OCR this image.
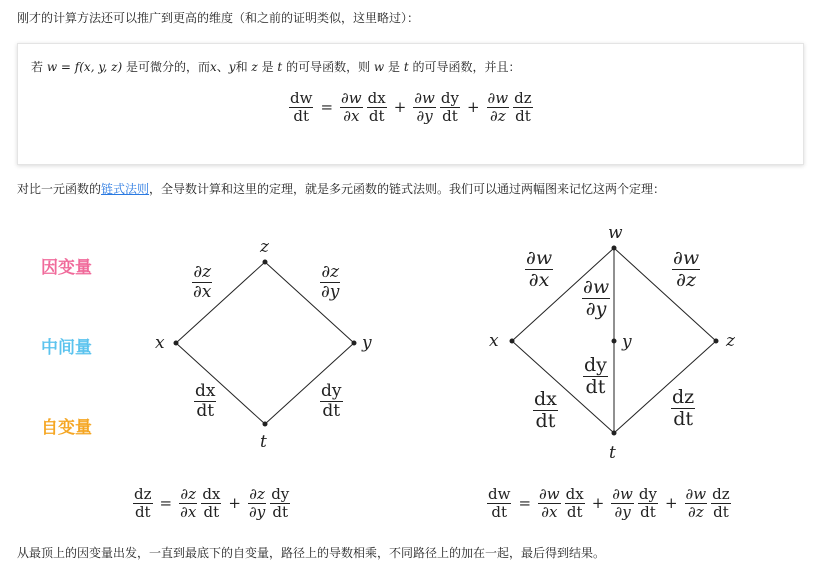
刚才的计算方法还可以推广到更高的维度（和之前的证明类似，这里略过）：
若 w = f(x, y, z) 是可微分的，而x、y和 z 是 t 的可导函数，则 w 是 t 的可导函数，并且：
$\frac{dw}{dt} = \frac{\partial w}{\partial x} \frac{dx}{dt} + \frac{\partial w}{\partial y} \frac{dy}{dt} + \frac{\partial w}{\partial z} \frac{dz}{dt}$
对比一元函数的链式法则，全导数计算和这里的定理，就是多元函数的链式法则。我们可以通过两幅图来记忆这两个定理：
因变量
中间量
自变量
z
x	y
t
w
x	y	z
t
$\frac{\partial z}{\partial x}$	$\frac{\partial z}{\partial y}$
$\frac{dx}{dt}$	$\frac{dy}{dt}$
$\frac{\partial w}{\partial x}$
$\frac{\partial w}{\partial y}$
$\frac{\partial w}{\partial z}$
$\frac{dx}{dt}$
$\frac{dy}{dt}$
$\frac{dz}{dt}$
$\frac{dz}{dt} = \frac{\partial z}{\partial x} \frac{dx}{dt} + \frac{\partial z}{\partial y} \frac{dy}{dt}$	$\frac{dw}{dt} = \frac{\partial w}{\partial x} \frac{dx}{dt} + \frac{\partial w}{\partial y} \frac{dy}{dt} + \frac{\partial w}{\partial z} \frac{dz}{dt}$
从最顶上的因变量出发，一直到最底下的自变量，路径上的导数相乘，不同路径上的加在一起，最后得到结果。
